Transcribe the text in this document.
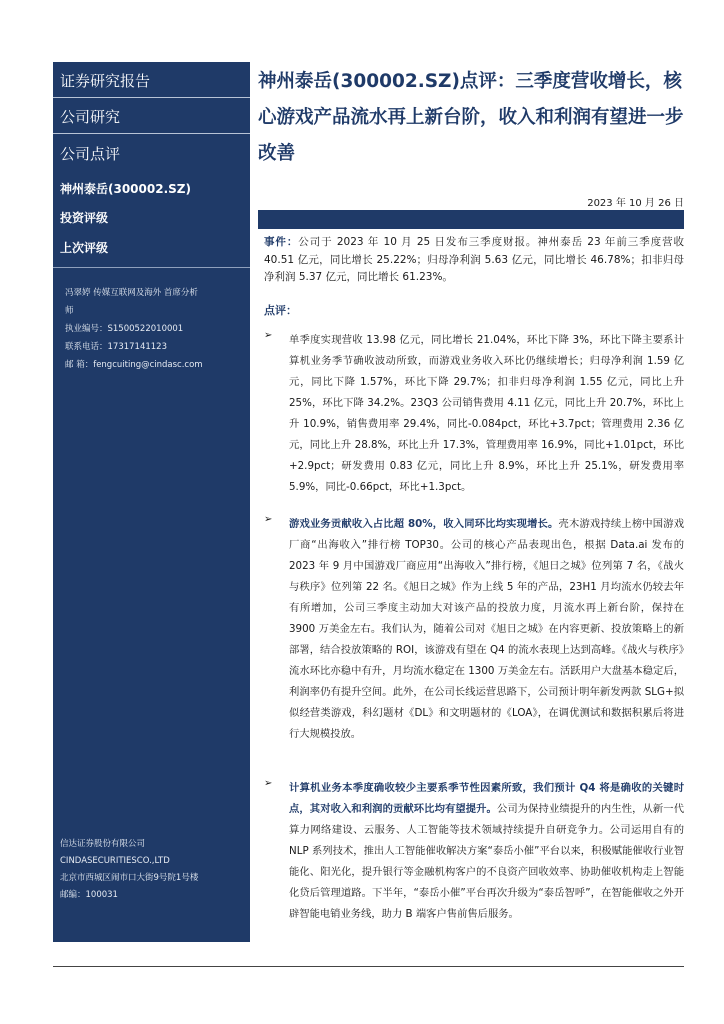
证券研究报告
公司研究
公司点评
神州泰岳(300002.SZ)
投资评级
上次评级
冯翠婷 传媒互联网及海外 首席分析
师
执业编号：S1500522010001
联系电话：17317141123
邮 箱：fengcuiting@cindasc.com
信达证券股份有限公司
CINDASECURITIESCO.,LTD
北京市西城区闹市口大街9号院1号楼
邮编：100031
神州泰岳(300002.SZ)点评：三季度营收增长，核心游戏产品流水再上新台阶，收入和利润有望进一步改善
2023 年 10 月 26 日
事件：公司于 2023 年 10 月 25 日发布三季度财报。神州泰岳 23 年前三季度营收 40.51 亿元，同比增长 25.22%；归母净利润 5.63 亿元，同比增长 46.78%；扣非归母净利润 5.37 亿元，同比增长 61.23%。
点评：
➢ 单季度实现营收 13.98 亿元，同比增长 21.04%，环比下降 3%，环比下降主要系计算机业务季节确收波动所致，而游戏业务收入环比仍继续增长；归母净利润 1.59 亿元，同比下降 1.57%，环比下降 29.7%；扣非归母净利润 1.55 亿元，同比上升 25%，环比下降 34.2%。23Q3 公司销售费用 4.11 亿元，同比上升 20.7%，环比上升 10.9%，销售费用率 29.4%，同比-0.084pct，环比+3.7pct；管理费用 2.36 亿元，同比上升 28.8%，环比上升 17.3%，管理费用率 16.9%，同比+1.01pct，环比+2.9pct；研发费用 0.83 亿元，同比上升 8.9%，环比上升 25.1%，研发费用率 5.9%，同比-0.66pct，环比+1.3pct。
➢ 游戏业务贡献收入占比超 80%，收入同环比均实现增长。壳木游戏持续上榜中国游戏厂商“出海收入”排行榜 TOP30。公司的核心产品表现出色，根据 Data.ai 发布的 2023 年 9 月中国游戏厂商应用“出海收入”排行榜，《旭日之城》位列第 7 名，《战火与秩序》位列第 22 名。《旭日之城》作为上线 5 年的产品，23H1 月均流水仍较去年有所增加，公司三季度主动加大对该产品的投放力度，月流水再上新台阶，保持在 3900 万美金左右。我们认为，随着公司对《旭日之城》在内容更新、投放策略上的新部署，结合投放策略的 ROI，该游戏有望在 Q4 的流水表现上达到高峰。《战火与秩序》流水环比亦稳中有升，月均流水稳定在 1300 万美金左右。活跃用户大盘基本稳定后，利润率仍有提升空间。此外，在公司长线运营思路下，公司预计明年新发两款 SLG+拟似经营类游戏，科幻题材《DL》和文明题材的《LOA》，在调优测试和数据积累后将进行大规模投放。
➢ 计算机业务本季度确收较少主要系季节性因素所致，我们预计 Q4 将是确收的关键时点，其对收入和利润的贡献环比均有望提升。公司为保持业绩提升的内生性，从新一代算力网络建设、云服务、人工智能等技术领域持续提升自研竞争力。公司运用自有的 NLP 系列技术，推出人工智能催收解决方案“泰岳小催”平台以来，积极赋能催收行业智能化、阳光化，提升银行等金融机构客户的不良资产回收效率、协助催收机构走上智能化贷后管理道路。下半年，“泰岳小催”平台再次升级为“泰岳智呼”，在智能催收之外开辟智能电销业务线，助力 B 端客户售前售后服务。
